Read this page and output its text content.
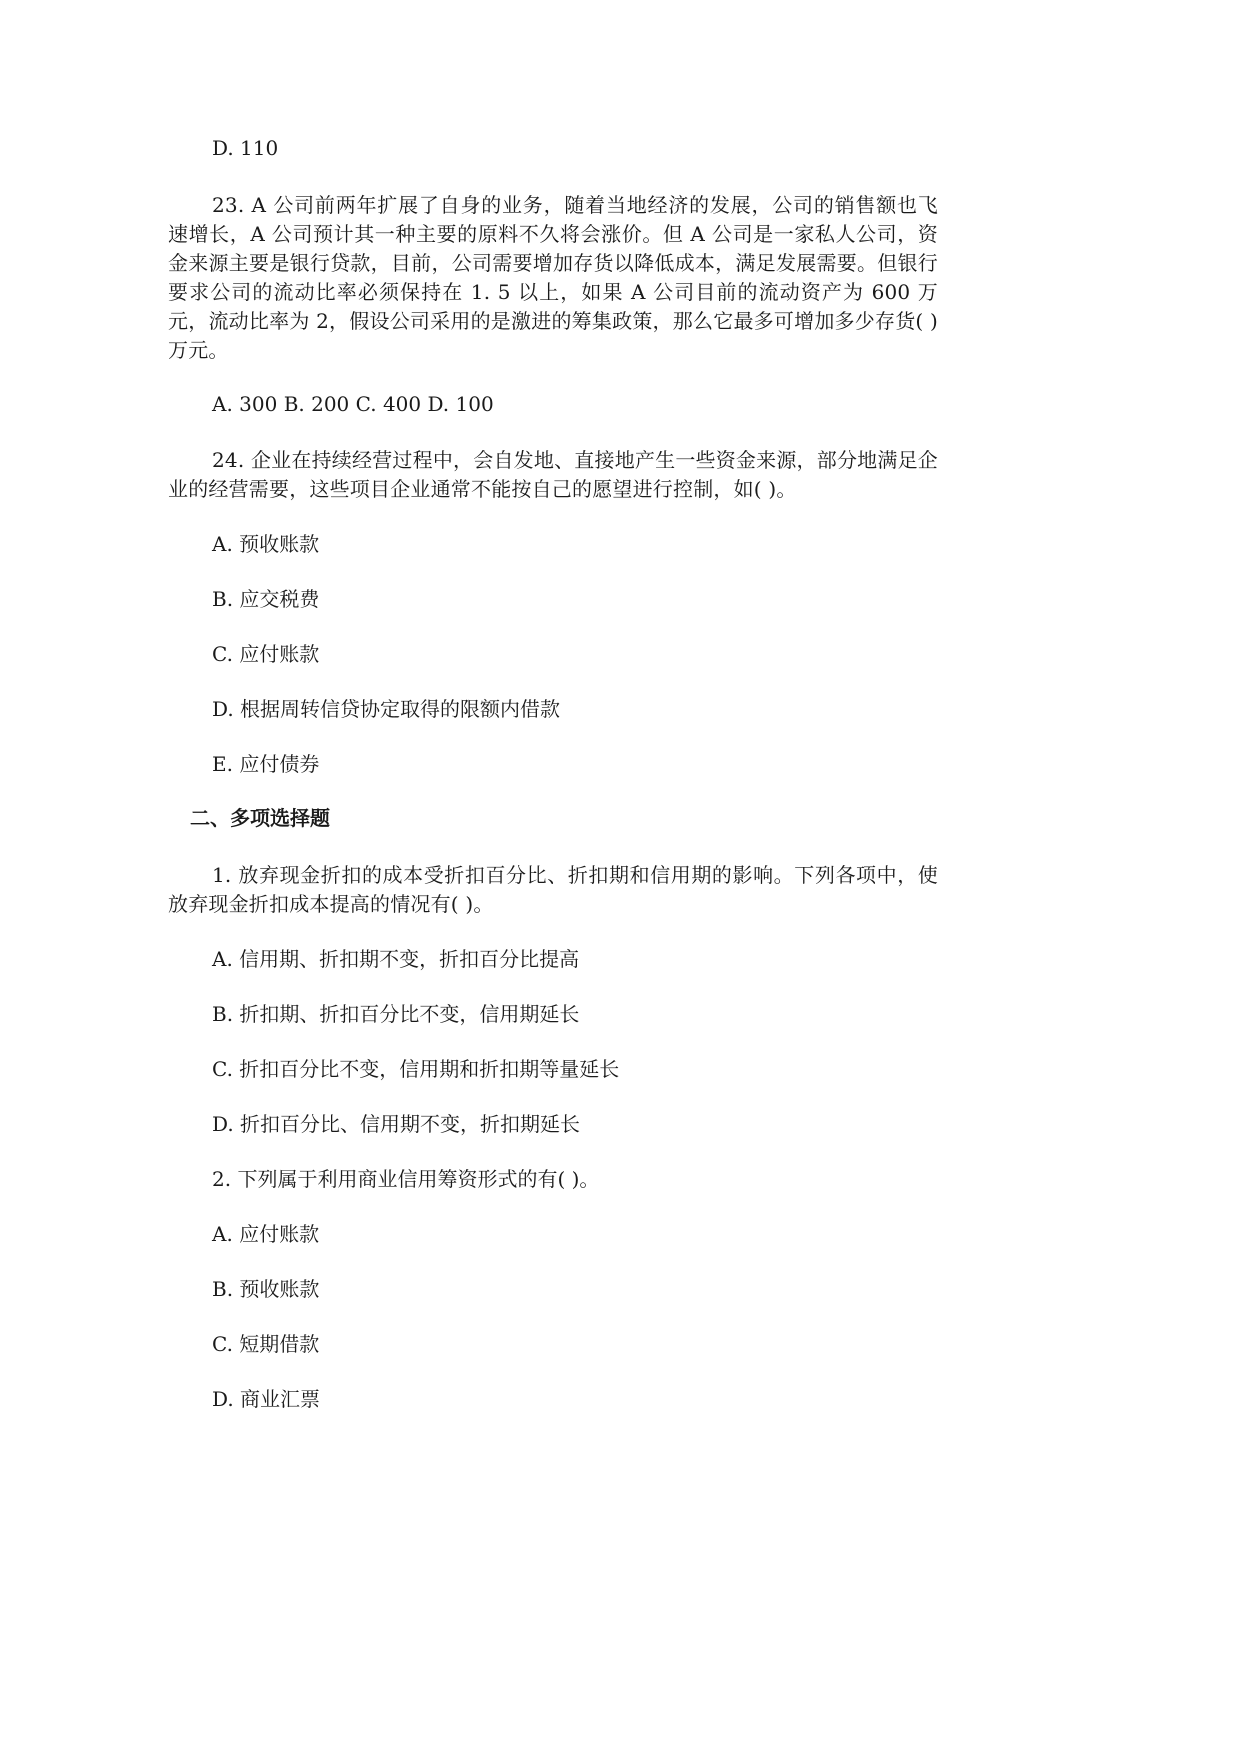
D. 110
23. A 公司前两年扩展了自身的业务，随着当地经济的发展，公司的销售额也飞速增长，A 公司预计其一种主要的原料不久将会涨价。但 A 公司是一家私人公司，资金来源主要是银行贷款，目前，公司需要增加存货以降低成本，满足发展需要。但银行要求公司的流动比率必须保持在 1. 5 以上，如果 A 公司目前的流动资产为 600 万元，流动比率为 2，假设公司采用的是激进的筹集政策，那么它最多可增加多少存货( )万元。
A. 300 B. 200 C. 400 D. 100
24. 企业在持续经营过程中，会自发地、直接地产生一些资金来源，部分地满足企业的经营需要，这些项目企业通常不能按自己的愿望进行控制，如( )。
A. 预收账款
B. 应交税费
C. 应付账款
D. 根据周转信贷协定取得的限额内借款
E. 应付债券
二、多项选择题
1. 放弃现金折扣的成本受折扣百分比、折扣期和信用期的影响。下列各项中，使放弃现金折扣成本提高的情况有( )。
A. 信用期、折扣期不变，折扣百分比提高
B. 折扣期、折扣百分比不变，信用期延长
C. 折扣百分比不变，信用期和折扣期等量延长
D. 折扣百分比、信用期不变，折扣期延长
2. 下列属于利用商业信用筹资形式的有( )。
A. 应付账款
B. 预收账款
C. 短期借款
D. 商业汇票
